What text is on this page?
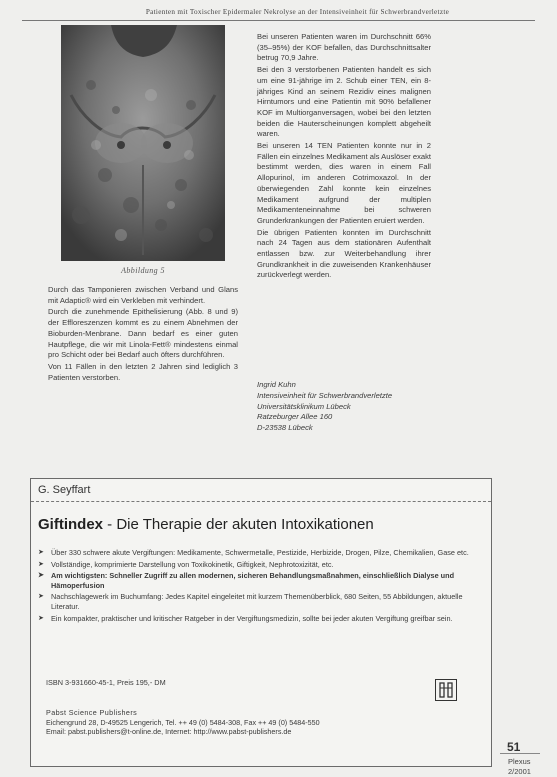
Patienten mit Toxischer Epidermaler Nekrolyse an der Intensiveinheit für Schwerbrandverletzte
Abbildung 5

Durch das Tamponieren zwischen Verband und Glans mit Adaptic® wird ein Verkleben mit verhindert.

Durch die zunehmende Epithelisierung (Abb. 8 und 9) der Effloreszenzen kommt es zu einem Abnehmen der Bioburden-Menbrane. Dann bedarf es einer guten Hautpflege, die wir mit Linola-Fett® mindestens einmal pro Schicht oder bei Bedarf auch öfters durchführen.

Von 11 Fällen in den letzten 2 Jahren sind lediglich 3 Patienten verstorben.

Bei unseren Patienten waren im Durchschnitt 66% (35–95%) der KOF befallen, das Durchschnittsalter betrug 70,9 Jahre.

Bei den 3 verstorbenen Patienten handelt es sich um eine 91-jährige im 2. Schub einer TEN, ein 8-jähriges Kind an seinem Rezidiv eines malignen Hirntumors und eine Patientin mit 90% befallener KOF im Multiorganversagen, wobei bei den letzten beiden die Hauterscheinungen komplett abgeheilt waren.

Bei unseren 14 TEN Patienten konnte nur in 2 Fällen ein einzelnes Medikament als Auslöser exakt bestimmt werden, dies waren in einem Fall Allopurinol, im anderen Cotrimoxazol. In der überwiegenden Zahl konnte kein einzelnes Medikament aufgrund der multiplen Medikamenteneinnahme bei schweren Grunderkrankungen der Patienten eruiert werden.

Die übrigen Patienten konnten im Durchschnitt nach 24 Tagen aus dem stationären Aufenthalt entlassen bzw. zur Weiterbehandlung ihrer Grundkrankheit in die zuweisenden Krankenhäuser zurückverlegt werden.

Ingrid Kuhn
Intensiveinheit für Schwerbrandverletzte
Universitätsklinikum Lübeck
Ratzeburger Allee 160
D-23538 Lübeck
G. Seyffart
Giftindex - Die Therapie der akuten Intoxikationen
➤ Über 330 schwere akute Vergiftungen: Medikamente, Schwermetalle, Pestizide, Herbizide, Drogen, Pilze, Chemikalien, Gase etc.
➤ Vollständige, komprimierte Darstellung von Toxikokinetik, Giftigkeit, Nephrotoxizität, etc.
➤ Am wichtigsten: Schneller Zugriff zu allen modernen, sicheren Behandlungsmaßnahmen, einschließlich Dialyse und Hämoperfusion
➤ Nachschlagewerk im Buchumfang: Jedes Kapitel eingeleitet mit kurzem Themenüberblick, 680 Seiten, 55 Abbildungen, aktuelle Literatur.
➤ Ein kompakter, praktischer und kritischer Ratgeber in der Vergiftungsmedizin, sollte bei jeder akuten Vergiftung greifbar sein.
ISBN 3-931660-45-1, Preis 195,- DM
Pabst Science Publishers
Eichengrund 28, D-49525 Lengerich, Tel. ++ 49 (0) 5484-308, Fax ++ 49 (0) 5484-550
Email: pabst.publishers@t-online.de, Internet: http://www.pabst-publishers.de
51
Plexus
2/2001
